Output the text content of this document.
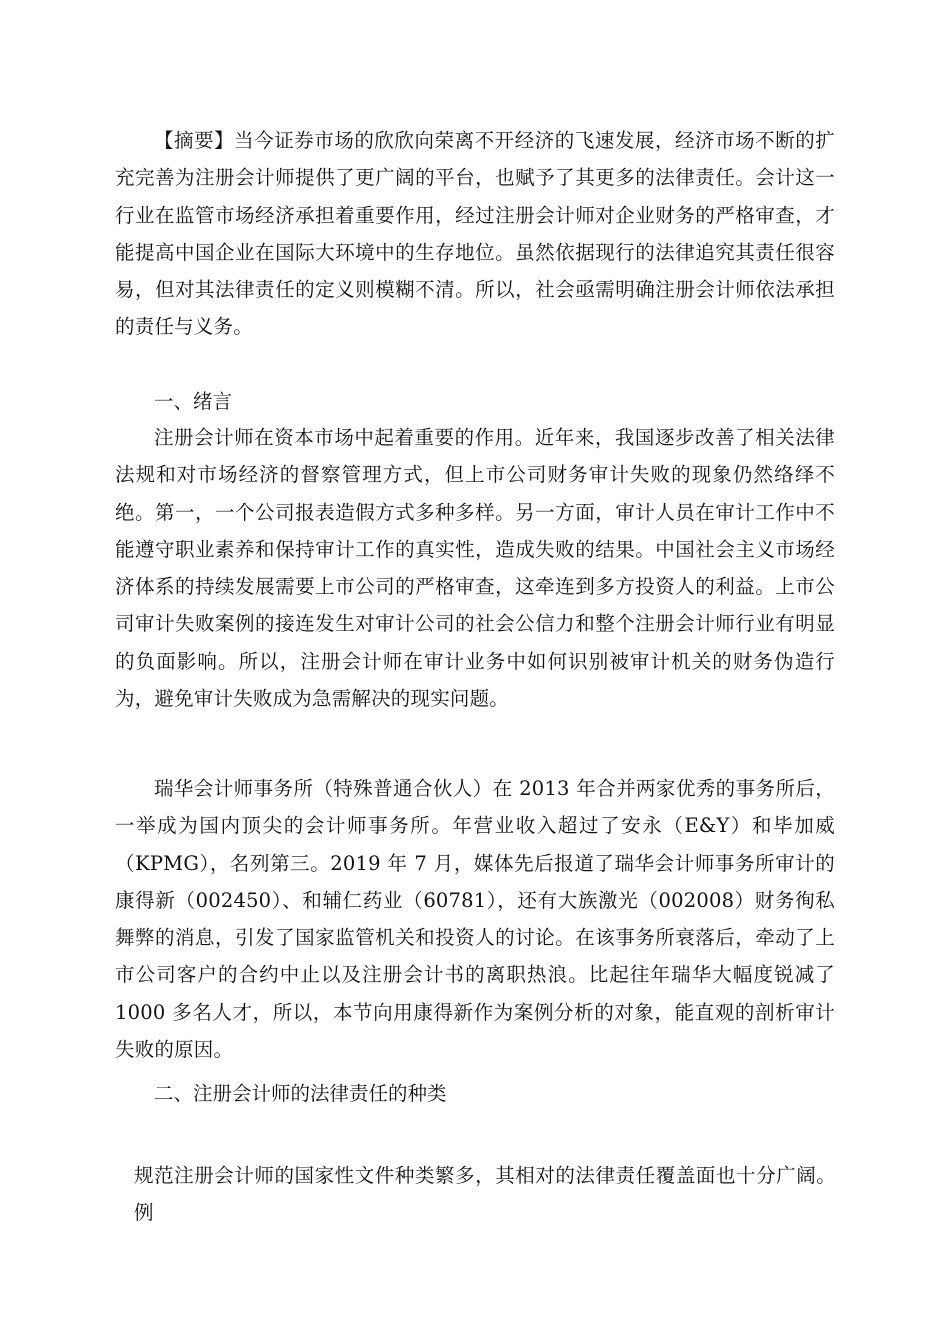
【摘要】当今证券市场的欣欣向荣离不开经济的飞速发展，经济市场不断的扩充完善为注册会计师提供了更广阔的平台，也赋予了其更多的法律责任。会计这一行业在监管市场经济承担着重要作用，经过注册会计师对企业财务的严格审查，才能提高中国企业在国际大环境中的生存地位。虽然依据现行的法律追究其责任很容易，但对其法律责任的定义则模糊不清。所以，社会亟需明确注册会计师依法承担的责任与义务。

一、绪言

注册会计师在资本市场中起着重要的作用。近年来，我国逐步改善了相关法律法规和对市场经济的督察管理方式，但上市公司财务审计失败的现象仍然络绎不绝。第一，一个公司报表造假方式多种多样。另一方面，审计人员在审计工作中不能遵守职业素养和保持审计工作的真实性，造成失败的结果。中国社会主义市场经济体系的持续发展需要上市公司的严格审查，这牵连到多方投资人的利益。上市公司审计失败案例的接连发生对审计公司的社会公信力和整个注册会计师行业有明显的负面影响。所以，注册会计师在审计业务中如何识别被审计机关的财务伪造行为，避免审计失败成为急需解决的现实问题。

瑞华会计师事务所（特殊普通合伙人）在 2013 年合并两家优秀的事务所后，一举成为国内顶尖的会计师事务所。年营业收入超过了安永（E&Y）和毕加威（KPMG），名列第三。2019 年 7 月，媒体先后报道了瑞华会计师事务所审计的康得新（002450）、和辅仁药业（60781），还有大族激光（002008）财务徇私舞弊的消息，引发了国家监管机关和投资人的讨论。在该事务所衰落后，牵动了上市公司客户的合约中止以及注册会计书的离职热浪。比起往年瑞华大幅度锐减了 1000 多名人才，所以，本节向用康得新作为案例分析的对象，能直观的剖析审计失败的原因。

二、注册会计师的法律责任的种类

规范注册会计师的国家性文件种类繁多，其相对的法律责任覆盖面也十分广阔。例
